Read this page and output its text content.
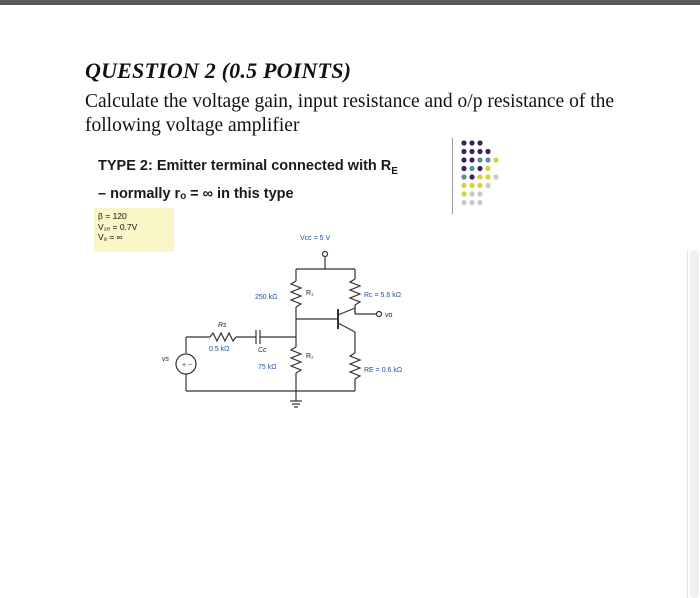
QUESTION 2 (0.5 POINTS)

Calculate the voltage gain, input resistance and o/p resistance of the following voltage amplifier

TYPE 2: Emitter terminal connected with $R_E$
– normally rₒ = ∞ in this type
β = 120
V₂ₑ = 0.7V
Vₐ = ∞
+ −
Vcc = 5 V
250 kΩ
R₁	Rc = 5.6 kΩ
vo
Rs
0.5 kΩ	Cc
R₂
75 kΩ	RE = 0.6 kΩ
vs
